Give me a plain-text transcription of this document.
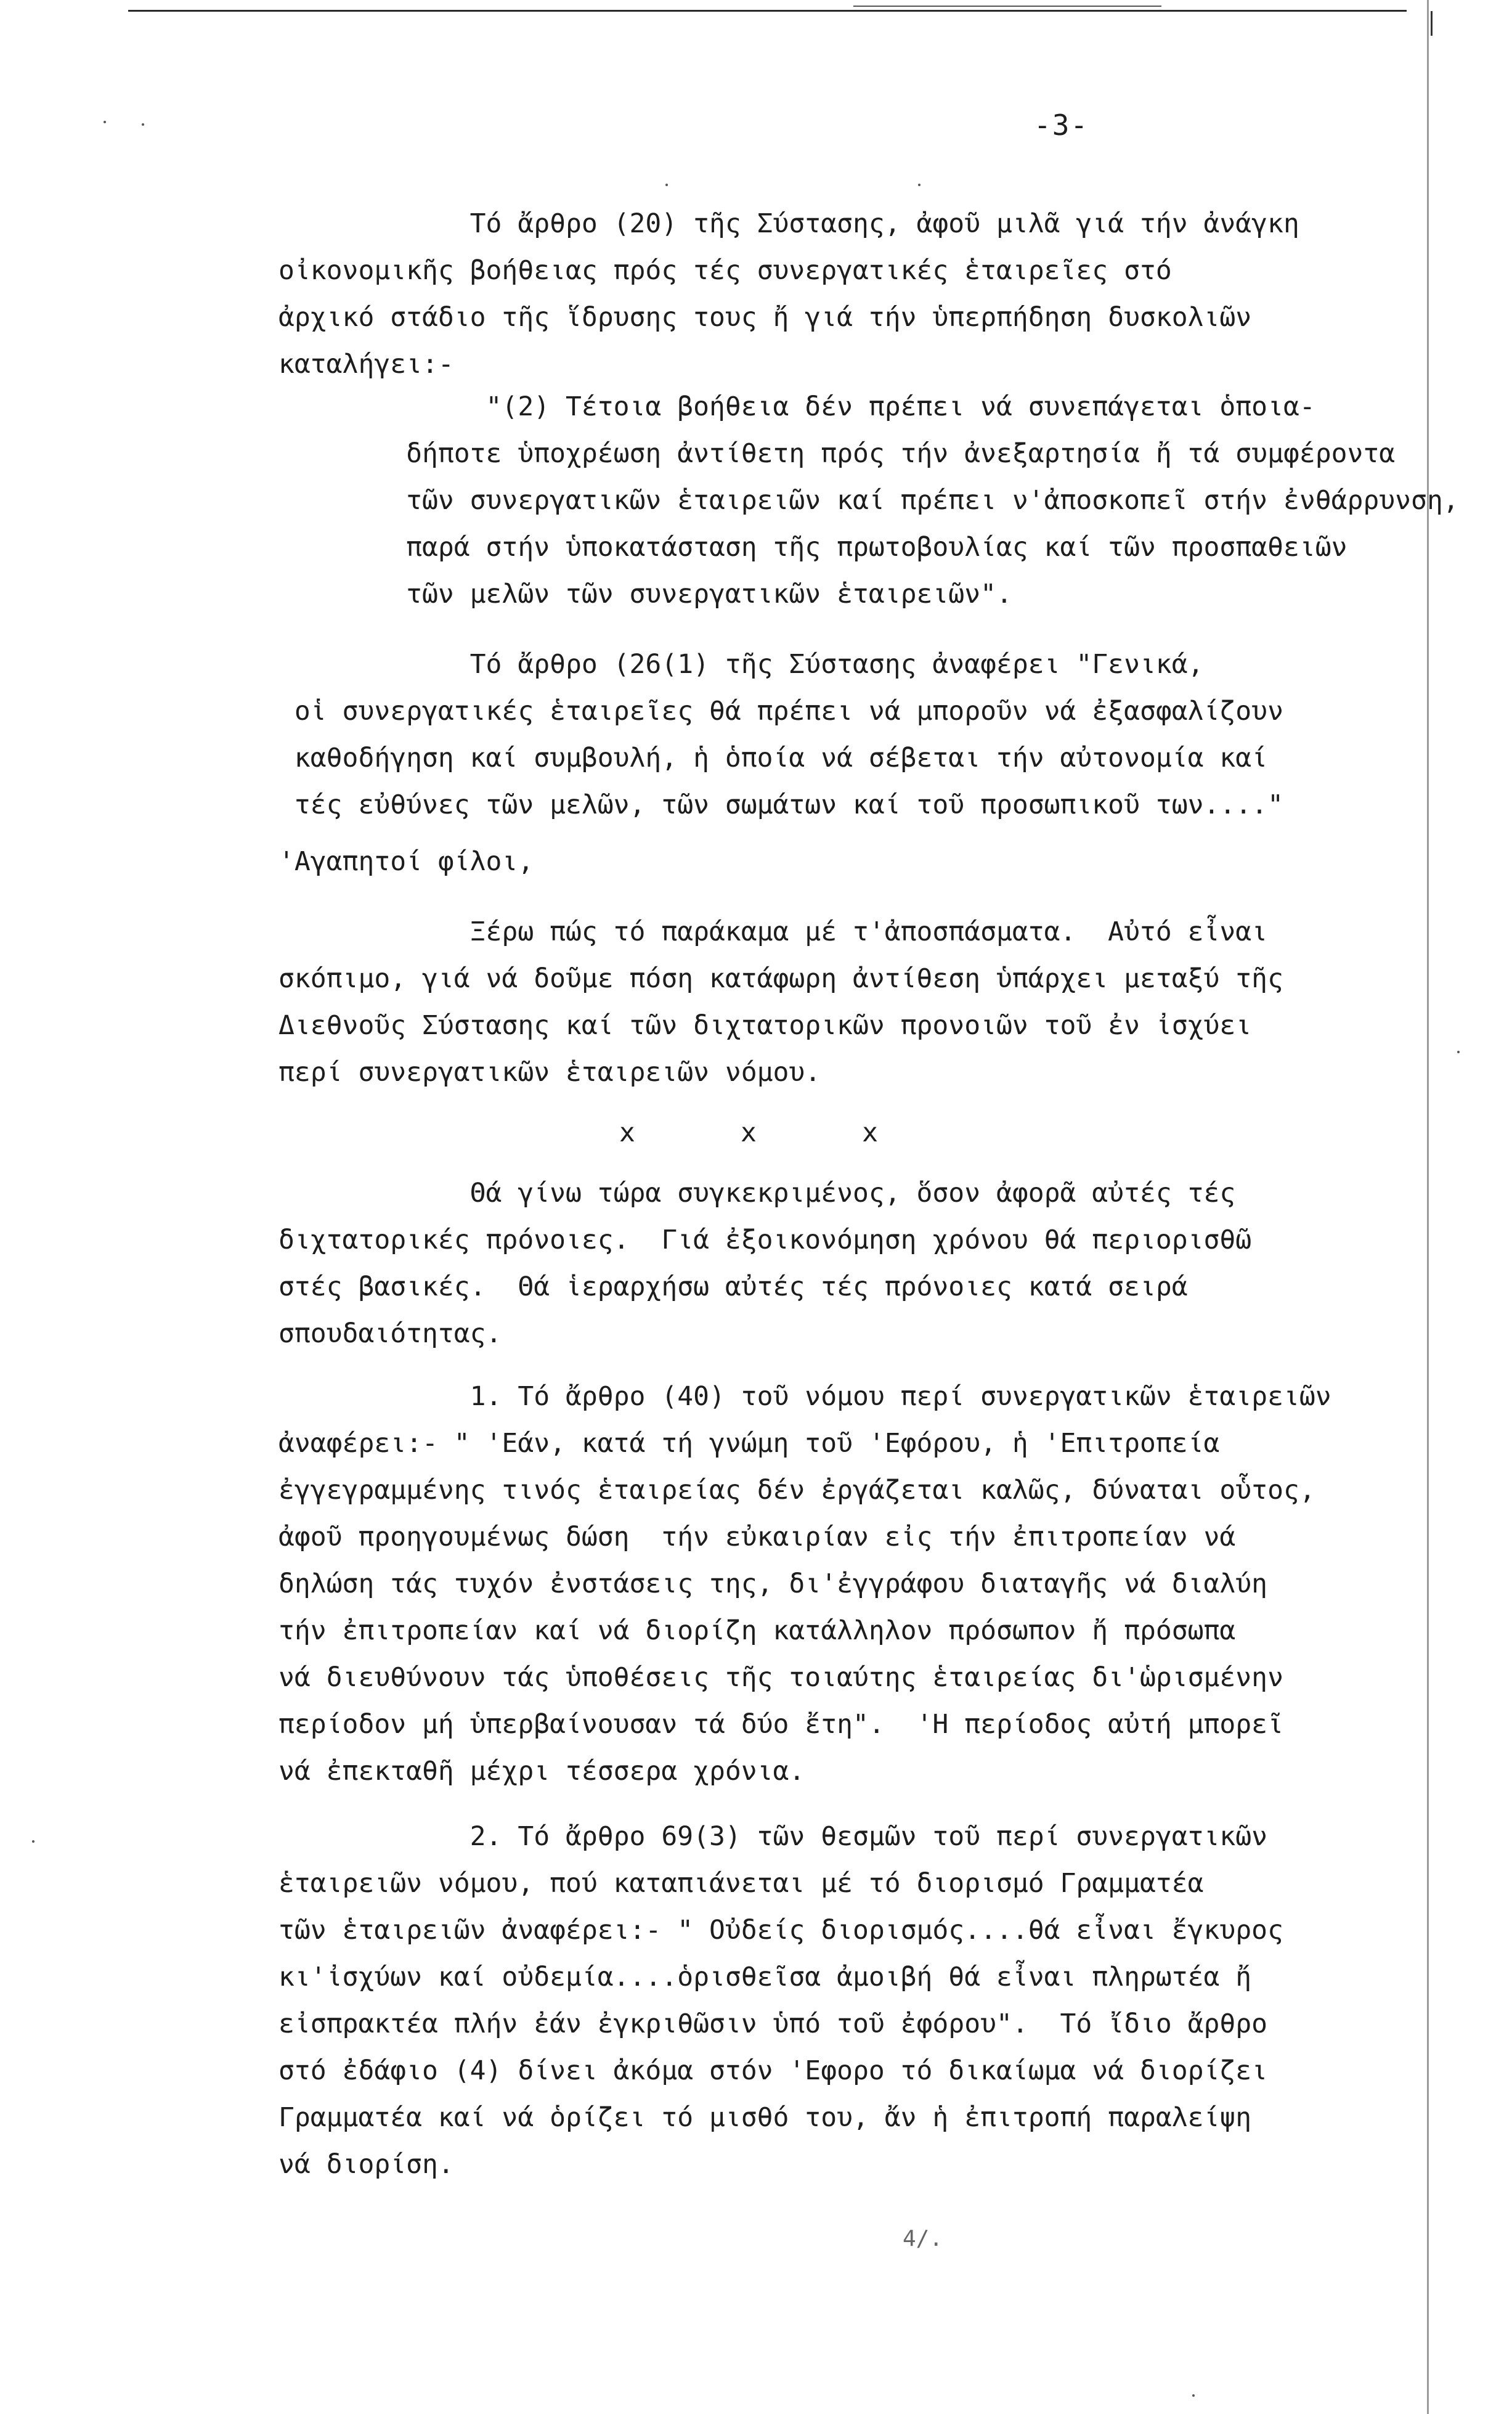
-3-
Τό ἄρθρο (20) τῆς Σύστασης, ἀφοῦ μιλᾶ γιά τήν ἀνάγκη
οἰκονομικῆς βοήθειας πρός τές συνεργατικές ἑταιρεῖες στό
ἀρχικό στάδιο τῆς ἵδρυσης τους ἤ γιά τήν ὑπερπήδηση δυσκολιῶν
καταλήγει:-
"(2) Τέτοια βοήθεια δέν πρέπει νά συνεπάγεται ὁποια-
δήποτε ὑποχρέωση ἀντίθετη πρός τήν ἀνεξαρτησία ἤ τά συμφέροντα
τῶν συνεργατικῶν ἑταιρειῶν καί πρέπει ν'ἀποσκοπεῖ στήν ἐνθάρρυνση,
παρά στήν ὑποκατάσταση τῆς πρωτοβουλίας καί τῶν προσπαθειῶν
τῶν μελῶν τῶν συνεργατικῶν ἑταιρειῶν".
Τό ἄρθρο (26(1) τῆς Σύστασης ἀναφέρει "Γενικά,
οἱ συνεργατικές ἑταιρεῖες θά πρέπει νά μποροῦν νά ἐξασφαλίζουν
καθοδήγηση καί συμβουλή, ἡ ὁποία νά σέβεται τήν αὐτονομία καί
τές εὐθύνες τῶν μελῶν, τῶν σωμάτων καί τοῦ προσωπικοῦ των...."
'Αγαπητοί φίλοι,
Ξέρω πώς τό παράκαμα μέ τ'ἀποσπάσματα.  Αὐτό εἶναι
σκόπιμο, γιά νά δοῦμε πόση κατάφωρη ἀντίθεση ὑπάρχει μεταξύ τῆς
Διεθνοῦς Σύστασης καί τῶν διχτατορικῶν προνοιῶν τοῦ ἐν ἰσχύει
περί συνεργατικῶν ἑταιρειῶν νόμου.
x	x	x
Θά γίνω τώρα συγκεκριμένος, ὅσον ἀφορᾶ αὐτές τές
διχτατορικές πρόνοιες.  Γιά ἐξοικονόμηση χρόνου θά περιορισθῶ
στές βασικές.  Θά ἱεραρχήσω αὐτές τές πρόνοιες κατά σειρά
σπουδαιότητας.
1. Τό ἄρθρο (40) τοῦ νόμου περί συνεργατικῶν ἑταιρειῶν
ἀναφέρει:- " 'Εάν, κατά τή γνώμη τοῦ 'Εφόρου, ἡ 'Επιτροπεία
ἐγγεγραμμένης τινός ἑταιρείας δέν ἐργάζεται καλῶς, δύναται οὗτος,
ἀφοῦ προηγουμένως δώση  τήν εὐκαιρίαν εἰς τήν ἐπιτροπείαν νά
δηλώση τάς τυχόν ἐνστάσεις της, δι'ἐγγράφου διαταγῆς νά διαλύη
τήν ἐπιτροπείαν καί νά διορίζη κατάλληλον πρόσωπον ἤ πρόσωπα
νά διευθύνουν τάς ὑποθέσεις τῆς τοιαύτης ἑταιρείας δι'ὡρισμένην
περίοδον μή ὑπερβαίνουσαν τά δύο ἔτη".  'Η περίοδος αὐτή μπορεῖ
νά ἐπεκταθῆ μέχρι τέσσερα χρόνια.
2. Τό ἄρθρο 69(3) τῶν θεσμῶν τοῦ περί συνεργατικῶν
ἑταιρειῶν νόμου, πού καταπιάνεται μέ τό διορισμό Γραμματέα
τῶν ἑταιρειῶν ἀναφέρει:- " Οὐδείς διορισμός....θά εἶναι ἔγκυρος
κι'ἰσχύων καί οὐδεμία....ὁρισθεῖσα ἀμοιβή θά εἶναι πληρωτέα ἤ
εἰσπρακτέα πλήν ἐάν ἐγκριθῶσιν ὑπό τοῦ ἐφόρου".  Τό ἴδιο ἄρθρο
στό ἐδάφιο (4) δίνει ἀκόμα στόν 'Εφορο τό δικαίωμα νά διορίζει
Γραμματέα καί νά ὁρίζει τό μισθό του, ἄν ἡ ἐπιτροπή παραλείψη
νά διορίση.
4/.
